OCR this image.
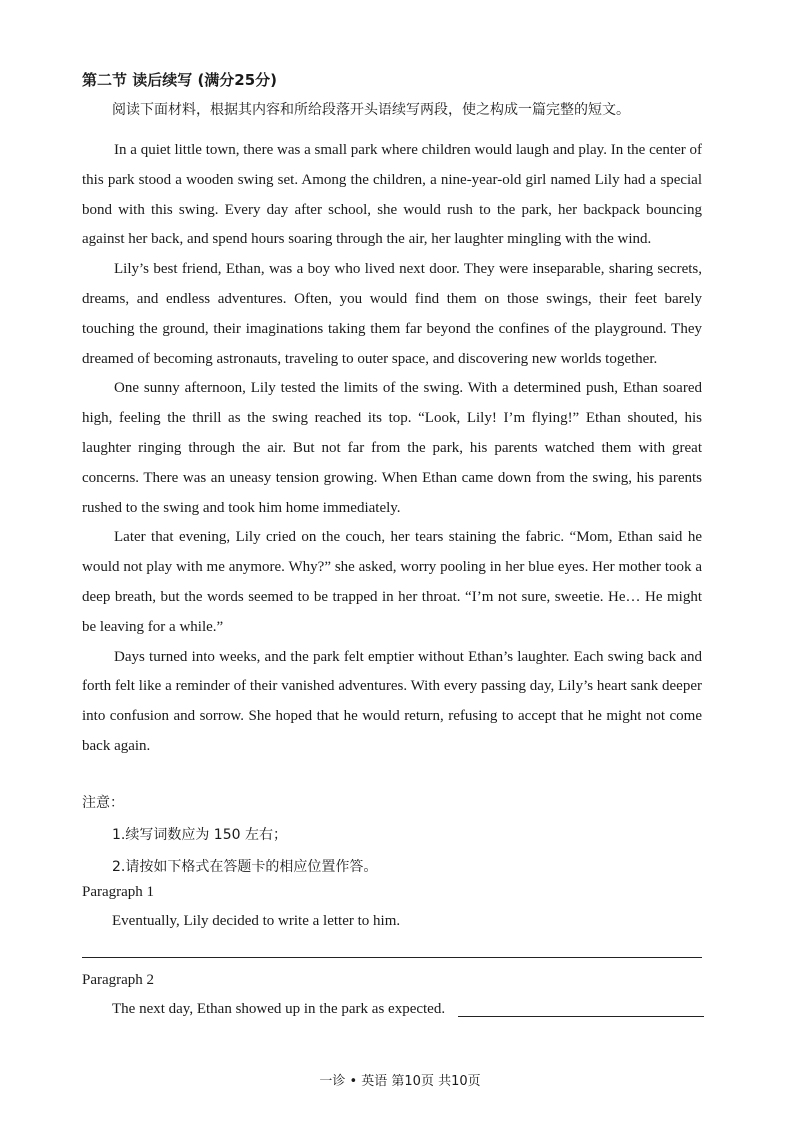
第二节 读后续写 (满分25分)
阅读下面材料，根据其内容和所给段落开头语续写两段，使之构成一篇完整的短文。

In a quiet little town, there was a small park where children would laugh and play. In the center of this park stood a wooden swing set. Among the children, a nine-year-old girl named Lily had a special bond with this swing. Every day after school, she would rush to the park, her backpack bouncing against her back, and spend hours soaring through the air, her laughter mingling with the wind.

Lily’s best friend, Ethan, was a boy who lived next door. They were inseparable, sharing secrets, dreams, and endless adventures. Often, you would find them on those swings, their feet barely touching the ground, their imaginations taking them far beyond the confines of the playground. They dreamed of becoming astronauts, traveling to outer space, and discovering new worlds together.

One sunny afternoon, Lily tested the limits of the swing. With a determined push, Ethan soared high, feeling the thrill as the swing reached its top. “Look, Lily! I’m flying!” Ethan shouted, his laughter ringing through the air. But not far from the park, his parents watched them with great concerns. There was an uneasy tension growing. When Ethan came down from the swing, his parents rushed to the swing and took him home immediately.

Later that evening, Lily cried on the couch, her tears staining the fabric. “Mom, Ethan said he would not play with me anymore. Why?” she asked, worry pooling in her blue eyes. Her mother took a deep breath, but the words seemed to be trapped in her throat. “I’m not sure, sweetie. He… He might be leaving for a while.”

Days turned into weeks, and the park felt emptier without Ethan’s laughter. Each swing back and forth felt like a reminder of their vanished adventures. With every passing day, Lily’s heart sank deeper into confusion and sorrow. She hoped that he would return, refusing to accept that he might not come back again.

注意：
1.续写词数应为 150 左右；
2.请按如下格式在答题卡的相应位置作答。
Paragraph 1
Eventually, Lily decided to write a letter to him.
Paragraph 2
The next day, Ethan showed up in the park as expected.
一诊 • 英语 第10页 共10页
